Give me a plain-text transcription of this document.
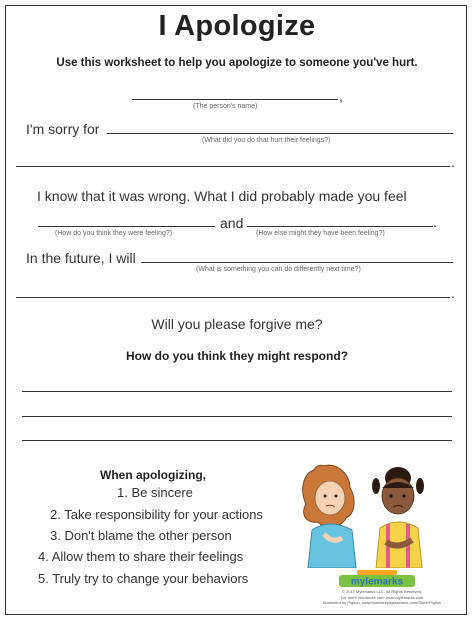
I Apologize
Use this worksheet to help you apologize to someone you've hurt.
,
(The person's name)
I'm sorry for
(What did you do that hurt their feelings?)
.
I know that it was wrong. What I did probably made you feel
and	.
(How do you think they were feeling?)	(How else might they have been feeling?)
In the future, I will
(What is something you can do differently next time?)
.
Will you please forgive me?
How do you think they might respond?
When apologizing,
1. Be sincere
2. Take responsibility for your actions
3. Don't blame the other person
4. Allow them to share their feelings
5. Truly try to change your behaviors	mylemarks
© 2017 Mylemarks LLC. All Rights Reserved.
For more resources visit: www.mylemarks.com
Illustration by Pigtion: www.teacherspayteachers.com/Store/Pigtion
